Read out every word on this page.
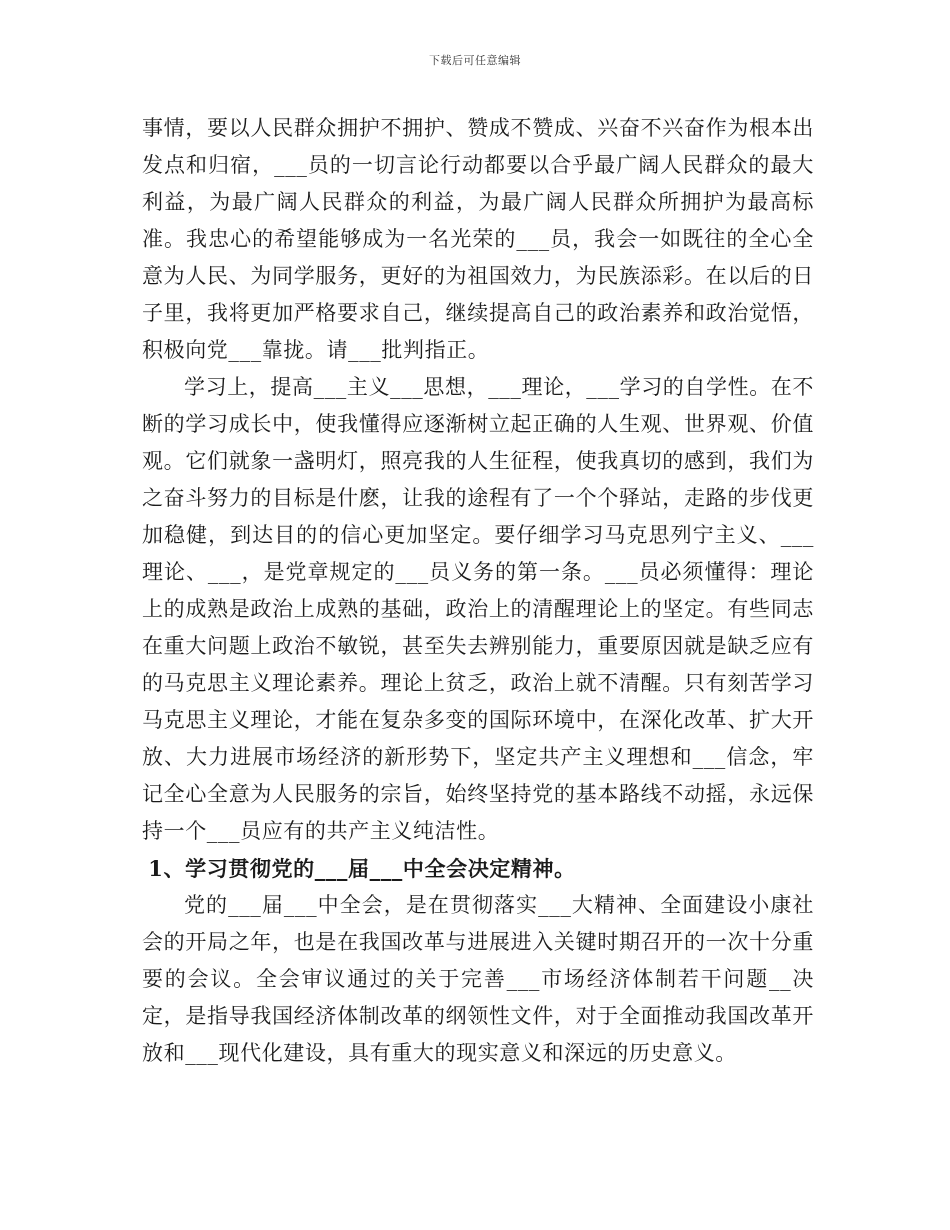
下载后可任意编辑

事情，要以人民群众拥护不拥护、赞成不赞成、兴奋不兴奋作为根本出发点和归宿，___员的一切言论行动都要以合乎最广阔人民群众的最大利益，为最广阔人民群众的利益，为最广阔人民群众所拥护为最高标准。我忠心的希望能够成为一名光荣的___员，我会一如既往的全心全意为人民、为同学服务，更好的为祖国效力，为民族添彩。在以后的日子里，我将更加严格要求自己，继续提高自己的政治素养和政治觉悟，积极向党___靠拢。请___批判指正。

学习上，提高___主义___思想，___理论，___学习的自学性。在不断的学习成长中，使我懂得应逐渐树立起正确的人生观、世界观、价值观。它们就象一盏明灯，照亮我的人生征程，使我真切的感到，我们为之奋斗努力的目标是什麽，让我的途程有了一个个驿站，走路的步伐更加稳健，到达目的的信心更加坚定。要仔细学习马克思列宁主义、___理论、___，是党章规定的___员义务的第一条。___员必须懂得：理论上的成熟是政治上成熟的基础，政治上的清醒理论上的坚定。有些同志在重大问题上政治不敏锐，甚至失去辨别能力，重要原因就是缺乏应有的马克思主义理论素养。理论上贫乏，政治上就不清醒。只有刻苦学习马克思主义理论，才能在复杂多变的国际环境中，在深化改革、扩大开放、大力进展市场经济的新形势下，坚定共产主义理想和___信念，牢记全心全意为人民服务的宗旨，始终坚持党的基本路线不动摇，永远保持一个___员应有的共产主义纯洁性。

1、学习贯彻党的___届___中全会决定精神。

党的___届___中全会，是在贯彻落实___大精神、全面建设小康社会的开局之年，也是在我国改革与进展进入关键时期召开的一次十分重要的会议。全会审议通过的关于完善___市场经济体制若干问题__决定，是指导我国经济体制改革的纲领性文件，对于全面推动我国改革开放和___现代化建设，具有重大的现实意义和深远的历史意义。
